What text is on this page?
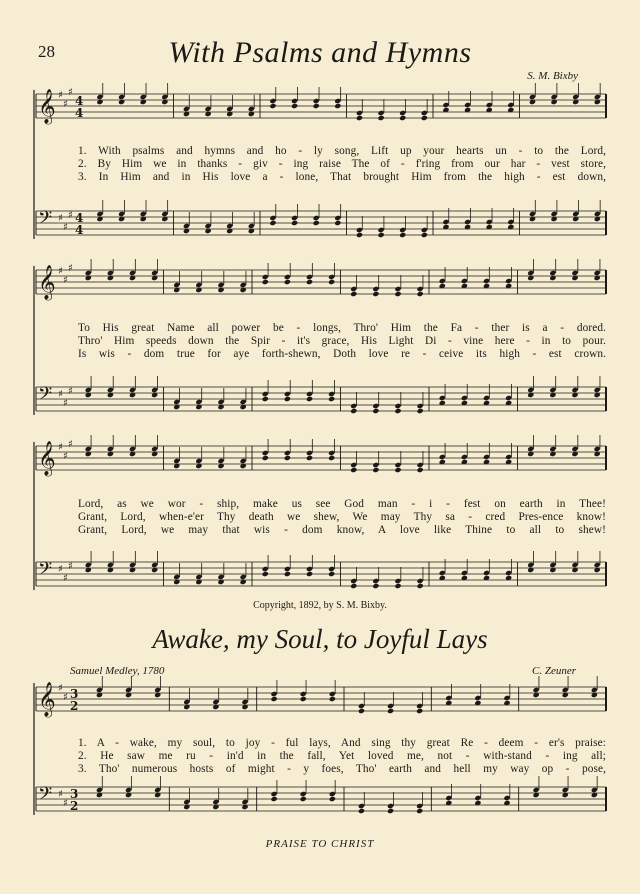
28	With Psalms and Hymns
S. M. Bixby
𝄞 ♯
♯
♯
4
4
𝄢 ♯
♯
♯ 4
4
𝄞 ♯
♯
♯
𝄢 ♯
♯
♯
𝄞 ♯
♯
♯
𝄢 ♯
♯
♯
𝄞 ♯
♯ 3
2
𝄢 ♯
♯
3
2
1. With psalms and hymns and ho - ly song, Lift up your hearts un - to the Lord,
2. By Him we in thanks - giv - ing raise The of - f'ring from our har - vest store,
3. In Him and in His love a - lone, That brought Him from the high - est down,
To His great Name all power be - longs, Thro' Him the Fa - ther is a - dored.
Thro' Him speeds down the Spir - it's grace, His Light Di - vine here - in to pour.
Is wis - dom true for aye forth-shewn, Doth love re - ceive its high - est crown.
Lord, as we wor - ship, make us see God man - i - fest on earth in Thee!
Grant, Lord, when-e'er Thy death we shew, We may Thy sa - cred Pres-ence know!
Grant, Lord, we may that wis - dom know, A love like Thine to all to shew!
Copyright, 1892, by S. M. Bixby.
Awake, my Soul, to Joyful Lays
Samuel Medley, 1780	C. Zeuner
1. A - wake, my soul, to joy - ful lays, And sing thy great Re - deem - er's praise:
2. He saw me ru - in'd in the fall, Yet loved me, not - with-stand - ing all;
3. Tho' numerous hosts of might - y foes, Tho' earth and hell my way op - pose,
PRAISE TO CHRIST
